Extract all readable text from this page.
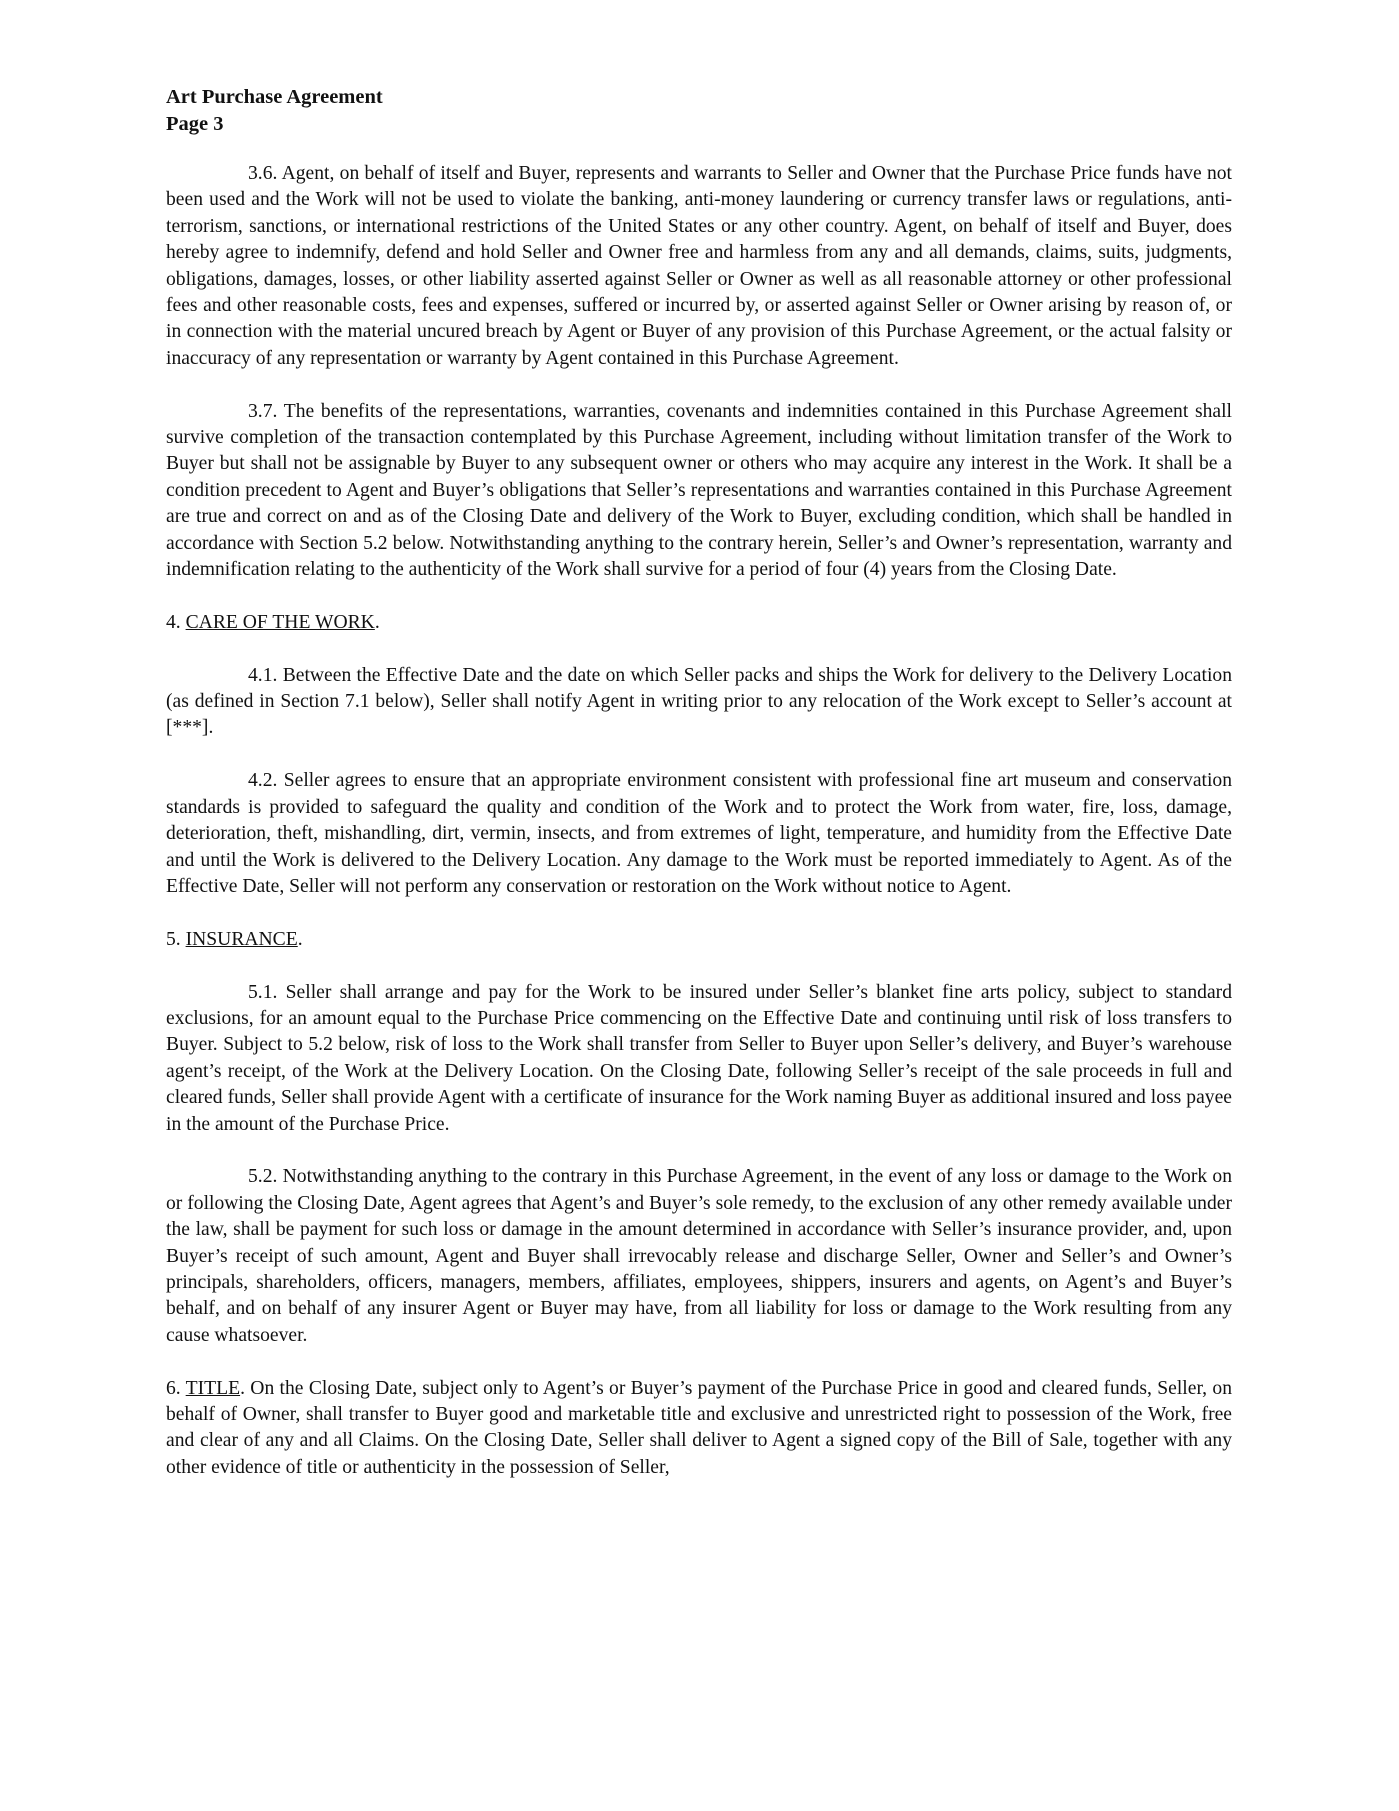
Art Purchase Agreement
Page 3

3.6. Agent, on behalf of itself and Buyer, represents and warrants to Seller and Owner that the Purchase Price funds have not been used and the Work will not be used to violate the banking, anti-money laundering or currency transfer laws or regulations, anti-terrorism, sanctions, or international restrictions of the United States or any other country. Agent, on behalf of itself and Buyer, does hereby agree to indemnify, defend and hold Seller and Owner free and harmless from any and all demands, claims, suits, judgments, obligations, damages, losses, or other liability asserted against Seller or Owner as well as all reasonable attorney or other professional fees and other reasonable costs, fees and expenses, suffered or incurred by, or asserted against Seller or Owner arising by reason of, or in connection with the material uncured breach by Agent or Buyer of any provision of this Purchase Agreement, or the actual falsity or inaccuracy of any representation or warranty by Agent contained in this Purchase Agreement.

3.7. The benefits of the representations, warranties, covenants and indemnities contained in this Purchase Agreement shall survive completion of the transaction contemplated by this Purchase Agreement, including without limitation transfer of the Work to Buyer but shall not be assignable by Buyer to any subsequent owner or others who may acquire any interest in the Work. It shall be a condition precedent to Agent and Buyer’s obligations that Seller’s representations and warranties contained in this Purchase Agreement are true and correct on and as of the Closing Date and delivery of the Work to Buyer, excluding condition, which shall be handled in accordance with Section 5.2 below. Notwithstanding anything to the contrary herein, Seller’s and Owner’s representation, warranty and indemnification relating to the authenticity of the Work shall survive for a period of four (4) years from the Closing Date.

4. CARE OF THE WORK.

4.1. Between the Effective Date and the date on which Seller packs and ships the Work for delivery to the Delivery Location (as defined in Section 7.1 below), Seller shall notify Agent in writing prior to any relocation of the Work except to Seller’s account at [***].

4.2. Seller agrees to ensure that an appropriate environment consistent with professional fine art museum and conservation standards is provided to safeguard the quality and condition of the Work and to protect the Work from water, fire, loss, damage, deterioration, theft, mishandling, dirt, vermin, insects, and from extremes of light, temperature, and humidity from the Effective Date and until the Work is delivered to the Delivery Location. Any damage to the Work must be reported immediately to Agent. As of the Effective Date, Seller will not perform any conservation or restoration on the Work without notice to Agent.

5. INSURANCE.

5.1. Seller shall arrange and pay for the Work to be insured under Seller’s blanket fine arts policy, subject to standard exclusions, for an amount equal to the Purchase Price commencing on the Effective Date and continuing until risk of loss transfers to Buyer. Subject to 5.2 below, risk of loss to the Work shall transfer from Seller to Buyer upon Seller’s delivery, and Buyer’s warehouse agent’s receipt, of the Work at the Delivery Location. On the Closing Date, following Seller’s receipt of the sale proceeds in full and cleared funds, Seller shall provide Agent with a certificate of insurance for the Work naming Buyer as additional insured and loss payee in the amount of the Purchase Price.

5.2. Notwithstanding anything to the contrary in this Purchase Agreement, in the event of any loss or damage to the Work on or following the Closing Date, Agent agrees that Agent’s and Buyer’s sole remedy, to the exclusion of any other remedy available under the law, shall be payment for such loss or damage in the amount determined in accordance with Seller’s insurance provider, and, upon Buyer’s receipt of such amount, Agent and Buyer shall irrevocably release and discharge Seller, Owner and Seller’s and Owner’s principals, shareholders, officers, managers, members, affiliates, employees, shippers, insurers and agents, on Agent’s and Buyer’s behalf, and on behalf of any insurer Agent or Buyer may have, from all liability for loss or damage to the Work resulting from any cause whatsoever.

6. TITLE. On the Closing Date, subject only to Agent’s or Buyer’s payment of the Purchase Price in good and cleared funds, Seller, on behalf of Owner, shall transfer to Buyer good and marketable title and exclusive and unrestricted right to possession of the Work, free and clear of any and all Claims. On the Closing Date, Seller shall deliver to Agent a signed copy of the Bill of Sale, together with any other evidence of title or authenticity in the possession of Seller,
